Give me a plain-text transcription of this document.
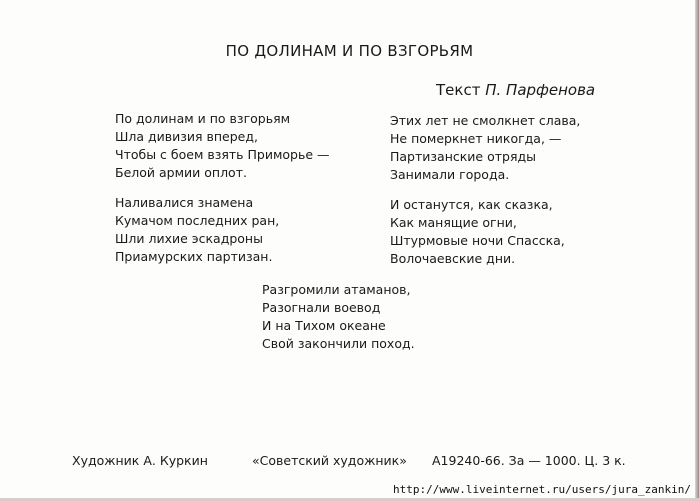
ПО ДОЛИНАМ И ПО ВЗГОРЬЯМ
Текст П. Парфенова
По долинам и по взгорьям
Шла дивизия вперед,
Чтобы с боем взять Приморье —
Белой армии оплот.
Наливалися знамена
Кумачом последних ран,
Шли лихие эскадроны
Приамурских партизан.
Этих лет не смолкнет слава,
Не померкнет никогда, —
Партизанские отряды
Занимали города.
И останутся, как сказка,
Как манящие огни,
Штурмовые ночи Спасска,
Волочаевские дни.
Разгромили атаманов,
Разогнали воевод
И на Тихом океане
Свой закончили поход.
Художник А. Куркин	«Советский художник» А19240-66. За — 1000. Ц. 3 к.
http://www.liveinternet.ru/users/jura_zankin/
